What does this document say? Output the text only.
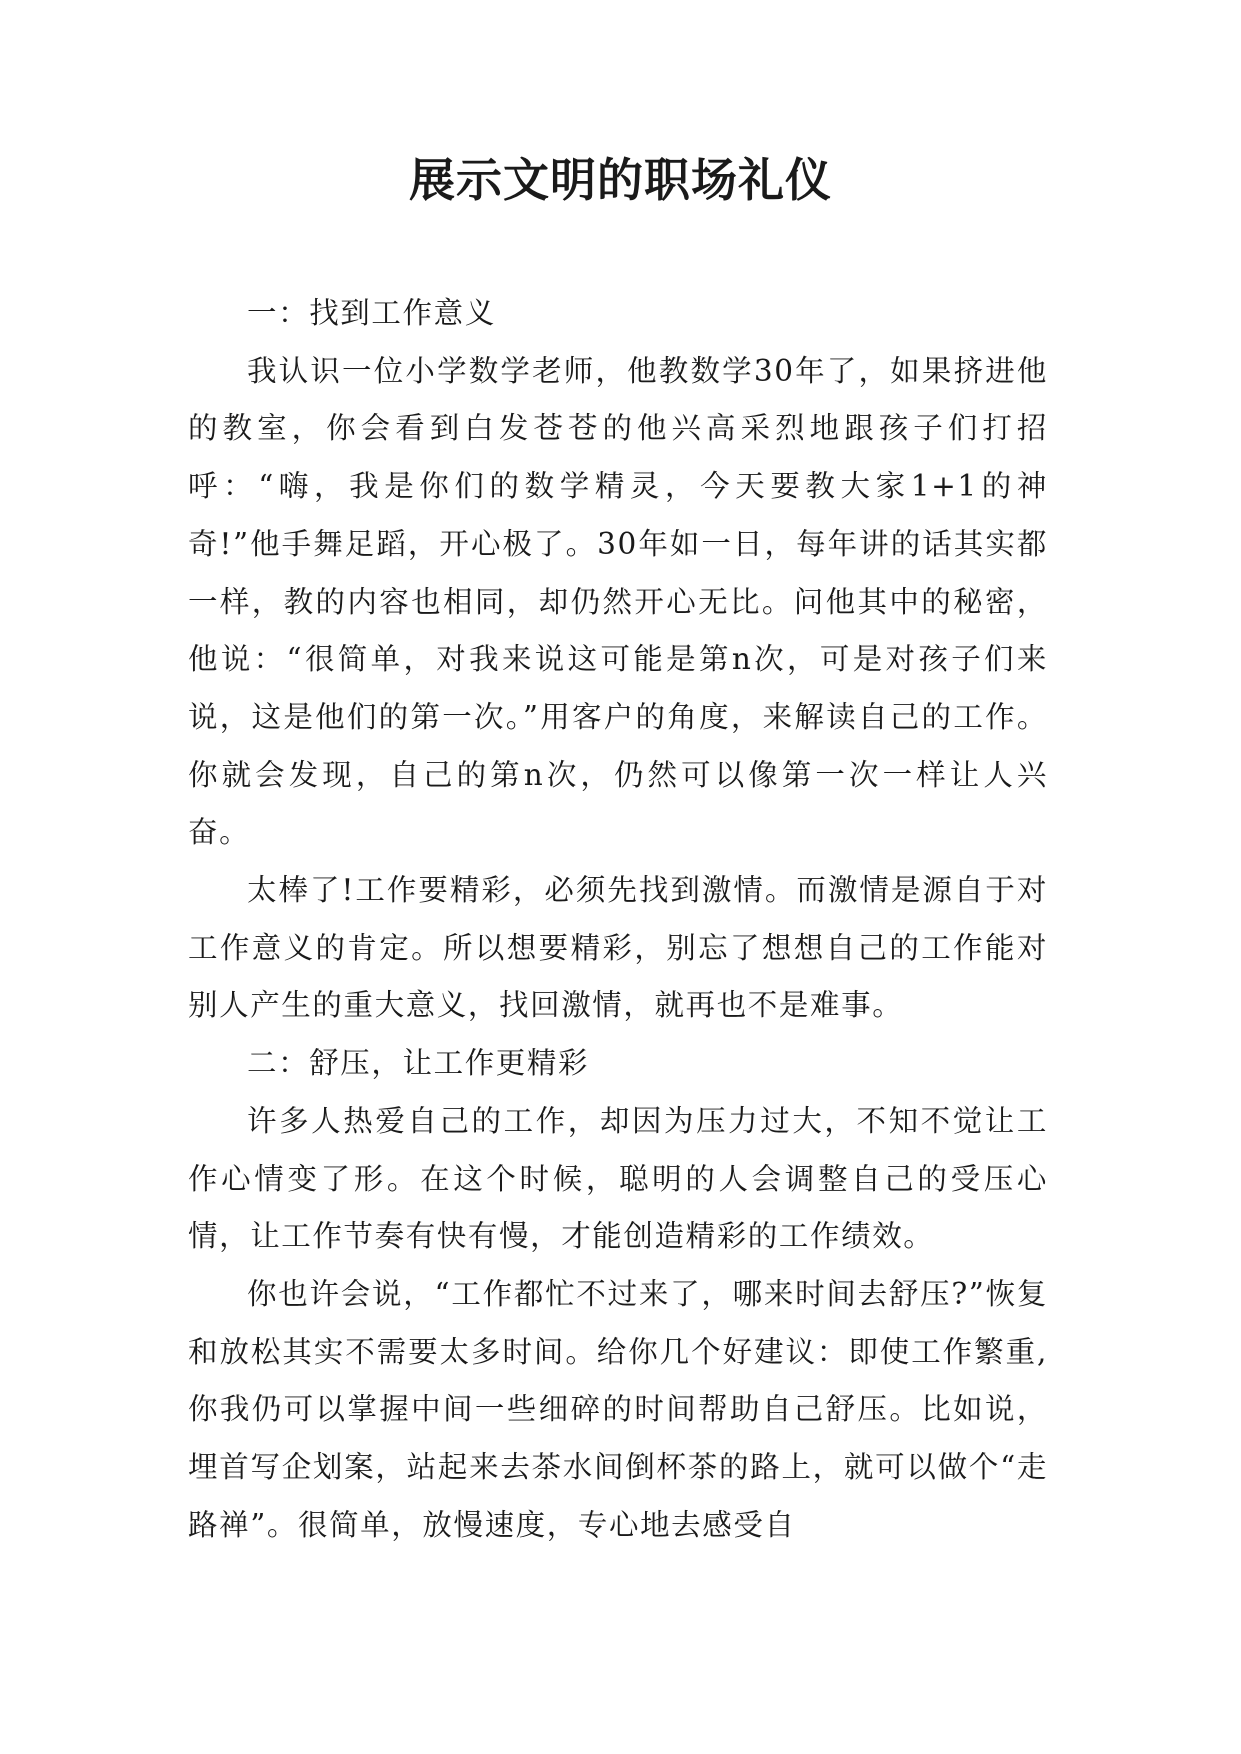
展示文明的职场礼仪

一：找到工作意义

我认识一位小学数学老师，他教数学30年了，如果挤进他的教室，你会看到白发苍苍的他兴高采烈地跟孩子们打招呼：“嗨，我是你们的数学精灵，今天要教大家1+1的神奇!”他手舞足蹈，开心极了。30年如一日，每年讲的话其实都一样，教的内容也相同，却仍然开心无比。问他其中的秘密，他说：“很简单，对我来说这可能是第n次，可是对孩子们来说，这是他们的第一次。”用客户的角度，来解读自己的工作。你就会发现，自己的第n次，仍然可以像第一次一样让人兴奋。

太棒了!工作要精彩，必须先找到激情。而激情是源自于对工作意义的肯定。所以想要精彩，别忘了想想自己的工作能对别人产生的重大意义，找回激情，就再也不是难事。

二：舒压，让工作更精彩

许多人热爱自己的工作，却因为压力过大，不知不觉让工作心情变了形。在这个时候，聪明的人会调整自己的受压心情，让工作节奏有快有慢，才能创造精彩的工作绩效。

你也许会说，“工作都忙不过来了，哪来时间去舒压?”恢复和放松其实不需要太多时间。给你几个好建议：即使工作繁重,你我仍可以掌握中间一些细碎的时间帮助自己舒压。比如说，埋首写企划案，站起来去茶水间倒杯茶的路上，就可以做个“走路禅”。很简单，放慢速度，专心地去感受自
